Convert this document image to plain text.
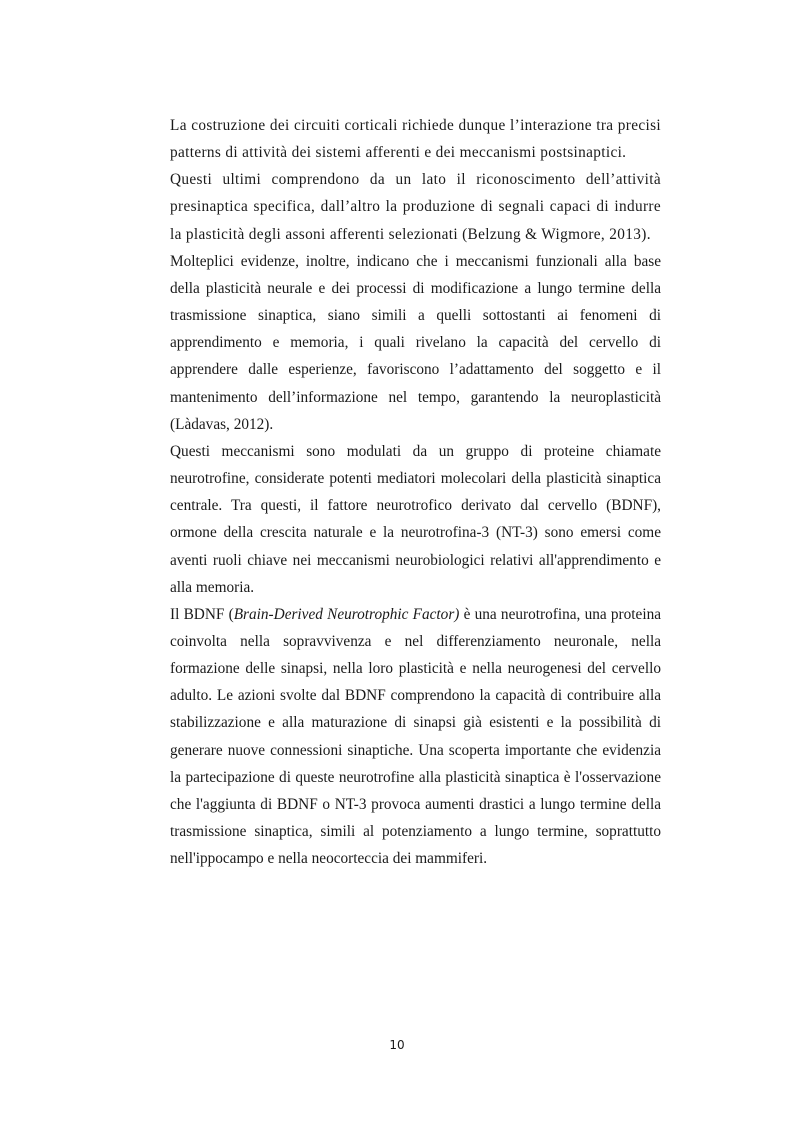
La costruzione dei circuiti corticali richiede dunque l’interazione tra precisi patterns di attività dei sistemi afferenti e dei meccanismi postsinaptici.

Questi ultimi comprendono da un lato il riconoscimento dell’attività presinaptica specifica, dall’altro la produzione di segnali capaci di indurre la plasticità degli assoni afferenti selezionati (Belzung & Wigmore, 2013).

Molteplici evidenze, inoltre, indicano che i meccanismi funzionali alla base della plasticità neurale e dei processi di modificazione a lungo termine della trasmissione sinaptica, siano simili a quelli sottostanti ai fenomeni di apprendimento e memoria, i quali rivelano la capacità del cervello di apprendere dalle esperienze, favoriscono l’adattamento del soggetto e il mantenimento dell’informazione nel tempo, garantendo la neuroplasticità (Làdavas, 2012).

Questi meccanismi sono modulati da un gruppo di proteine chiamate neurotrofine, considerate potenti mediatori molecolari della plasticità sinaptica centrale. Tra questi, il fattore neurotrofico derivato dal cervello (BDNF), ormone della crescita naturale e la neurotrofina-3 (NT-3) sono emersi come aventi ruoli chiave nei meccanismi neurobiologici relativi all'apprendimento e alla memoria.

Il BDNF (Brain-Derived Neurotrophic Factor) è una neurotrofina, una proteina coinvolta nella sopravvivenza e nel differenziamento neuronale, nella formazione delle sinapsi, nella loro plasticità e nella neurogenesi del cervello adulto. Le azioni svolte dal BDNF comprendono la capacità di contribuire alla stabilizzazione e alla maturazione di sinapsi già esistenti e la possibilità di generare nuove connessioni sinaptiche. Una scoperta importante che evidenzia la partecipazione di queste neurotrofine alla plasticità sinaptica è l'osservazione che l'aggiunta di BDNF o NT-3 provoca aumenti drastici a lungo termine della trasmissione sinaptica, simili al potenziamento a lungo termine, soprattutto nell'ippocampo e nella neocorteccia dei mammiferi.

10
